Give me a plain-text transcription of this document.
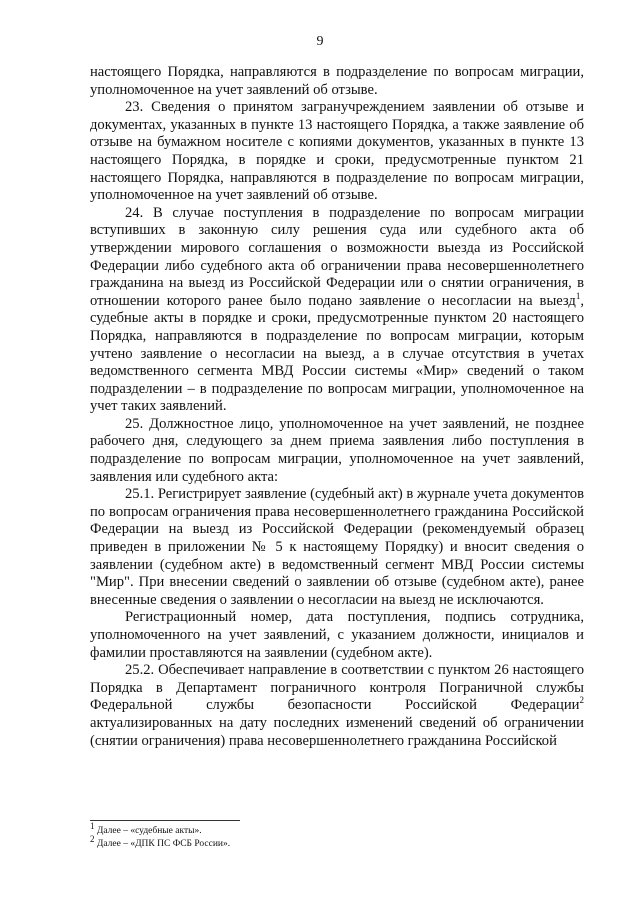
9

настоящего Порядка, направляются в подразделение по вопросам миграции, уполномоченное на учет заявлений об отзыве.

23. Сведения о принятом загранучреждением заявлении об отзыве и документах, указанных в пункте 13 настоящего Порядка, а также заявление об отзыве на бумажном носителе с копиями документов, указанных в пункте 13 настоящего Порядка, в порядке и сроки, предусмотренные пунктом 21 настоящего Порядка, направляются в подразделение по вопросам миграции, уполномоченное на учет заявлений об отзыве.

24. В случае поступления в подразделение по вопросам миграции вступивших в законную силу решения суда или судебного акта об утверждении мирового соглашения о возможности выезда из Российской Федерации либо судебного акта об ограничении права несовершеннолетнего гражданина на выезд из Российской Федерации или о снятии ограничения, в отношении которого ранее было подано заявление о несогласии на выезд$^1$, судебные акты в порядке и сроки, предусмотренные пунктом 20 настоящего Порядка, направляются в подразделение по вопросам миграции, которым учтено заявление о несогласии на выезд, а в случае отсутствия в учетах ведомственного сегмента МВД России системы «Мир» сведений о таком подразделении – в подразделение по вопросам миграции, уполномоченное на учет таких заявлений.

25. Должностное лицо, уполномоченное на учет заявлений, не позднее рабочего дня, следующего за днем приема заявления либо поступления в подразделение по вопросам миграции, уполномоченное на учет заявлений, заявления или судебного акта:

25.1. Регистрирует заявление (судебный акт) в журнале учета документов по вопросам ограничения права несовершеннолетнего гражданина Российской Федерации на выезд из Российской Федерации (рекомендуемый образец приведен в приложении № 5 к настоящему Порядку) и вносит сведения о заявлении (судебном акте) в ведомственный сегмент МВД России системы "Мир". При внесении сведений о заявлении об отзыве (судебном акте), ранее внесенные сведения о заявлении о несогласии на выезд не исключаются.

Регистрационный номер, дата поступления, подпись сотрудника, уполномоченного на учет заявлений, с указанием должности, инициалов и фамилии проставляются на заявлении (судебном акте).

25.2. Обеспечивает направление в соответствии с пунктом 26 настоящего Порядка в Департамент пограничного контроля Пограничной службы Федеральной службы безопасности Российской Федерации$^2$ актуализированных на дату последних изменений сведений об ограничении (снятии ограничения) права несовершеннолетнего гражданина Российской

$^1$ Далее – «судебные акты».

$^2$ Далее – «ДПК ПС ФСБ России».
